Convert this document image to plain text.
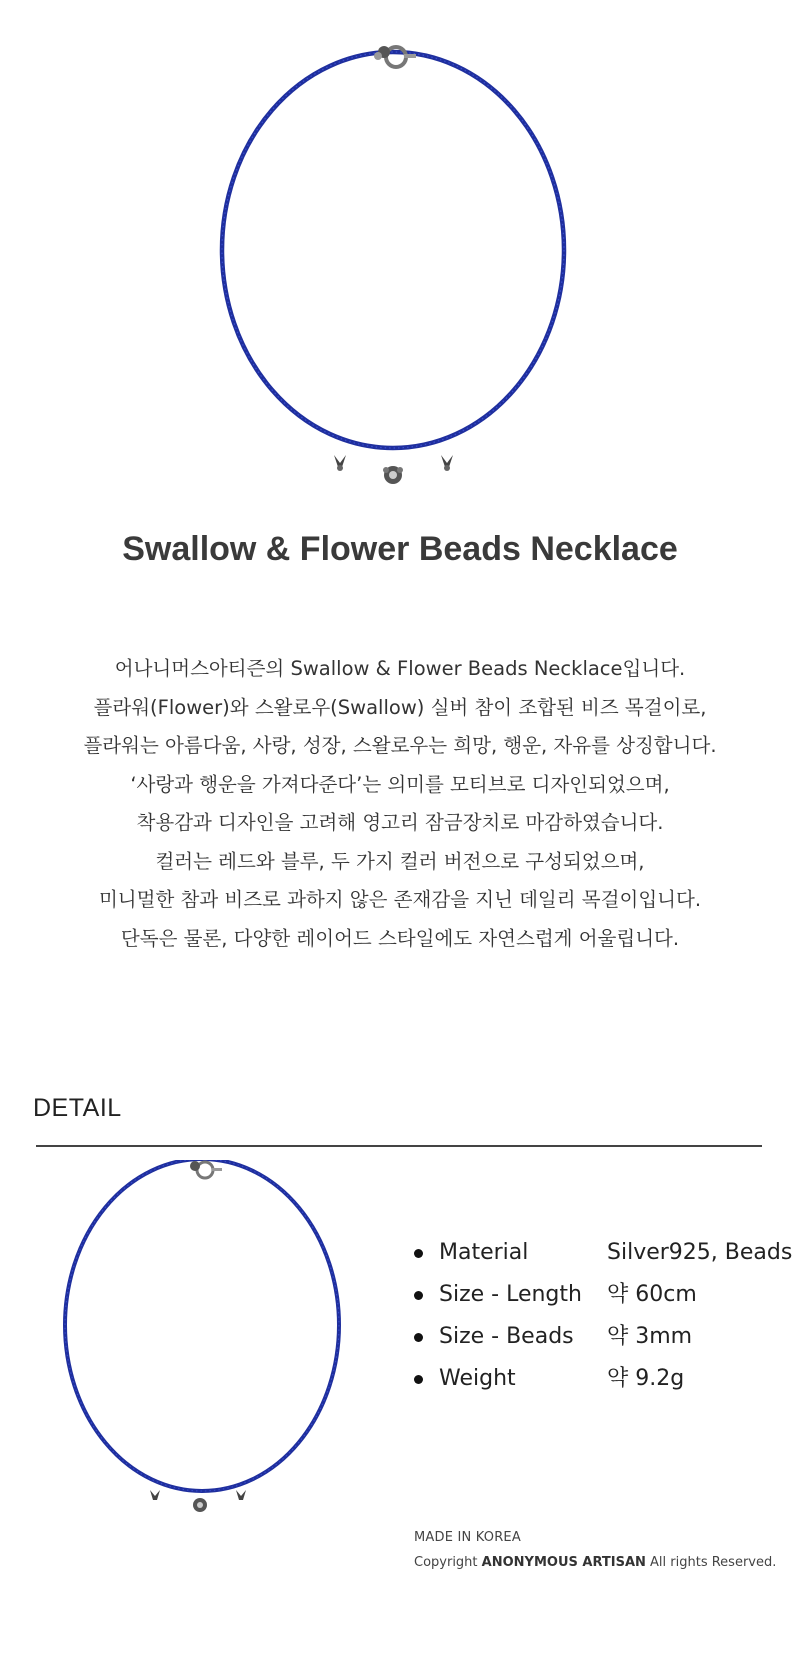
Swallow & Flower Beads Necklace
어나니머스아티즌의 Swallow & Flower Beads Necklace입니다.
플라워(Flower)와 스왈로우(Swallow) 실버 참이 조합된 비즈 목걸이로,
플라워는 아름다움, 사랑, 성장, 스왈로우는 희망, 행운, 자유를 상징합니다.
‘사랑과 행운을 가져다준다’는 의미를 모티브로 디자인되었으며,
착용감과 디자인을 고려해 영고리 잠금장치로 마감하였습니다.
컬러는 레드와 블루, 두 가지 컬러 버전으로 구성되었으며,
미니멀한 참과 비즈로 과하지 않은 존재감을 지닌 데일리 목걸이입니다.
단독은 물론, 다양한 레이어드 스타일에도 자연스럽게 어울립니다.
DETAIL
Material	Silver925, Beads
Size - Length 약 60cm
Size - Beads 약 3mm
Weight	약 9.2g
MADE IN KOREA
Copyright ANONYMOUS ARTISAN All rights Reserved.
